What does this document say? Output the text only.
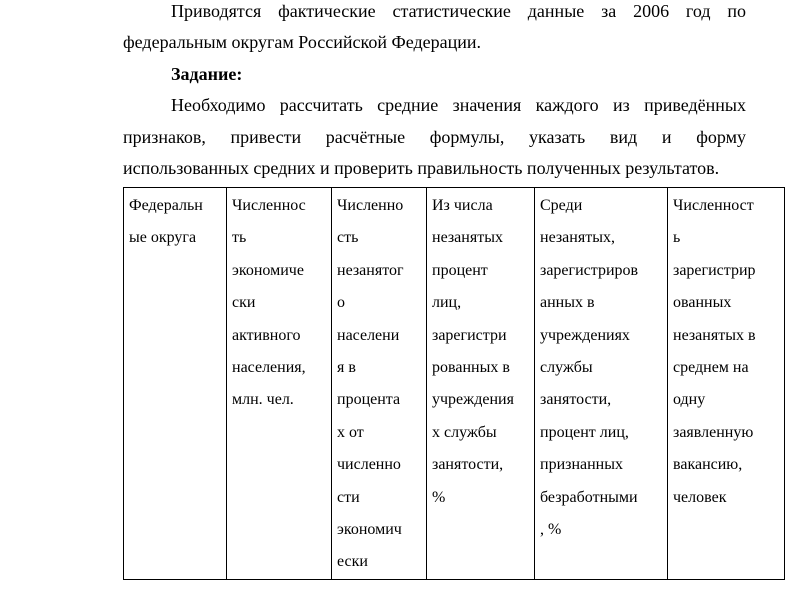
Приводятся фактические статистические данные за 2006 год по
федеральным округам Российской Федерации.
Задание:
Необходимо рассчитать средние значения каждого из приведённых
признаков, привести расчётные формулы, указать вид и форму
использованных средних и проверить правильность полученных результатов.
Федеральн
ые округа

Численнос
ть
экономиче
ски
активного
населения,
млн. чел.

Численно
сть
незанятог
о
населени
я в
процента
х от
численно
сти
экономич
ески

Из числа
незанятых
процент
лиц,
зарегистри
рованных в
учреждения
х службы
занятости,
%

Среди
незанятых,
зарегистриров
анных в
учреждениях
службы
занятости,
процент лиц,
признанных
безработными
, %

Численност
ь
зарегистрир
ованных
незанятых в
среднем на
одну
заявленную
вакансию,
человек
